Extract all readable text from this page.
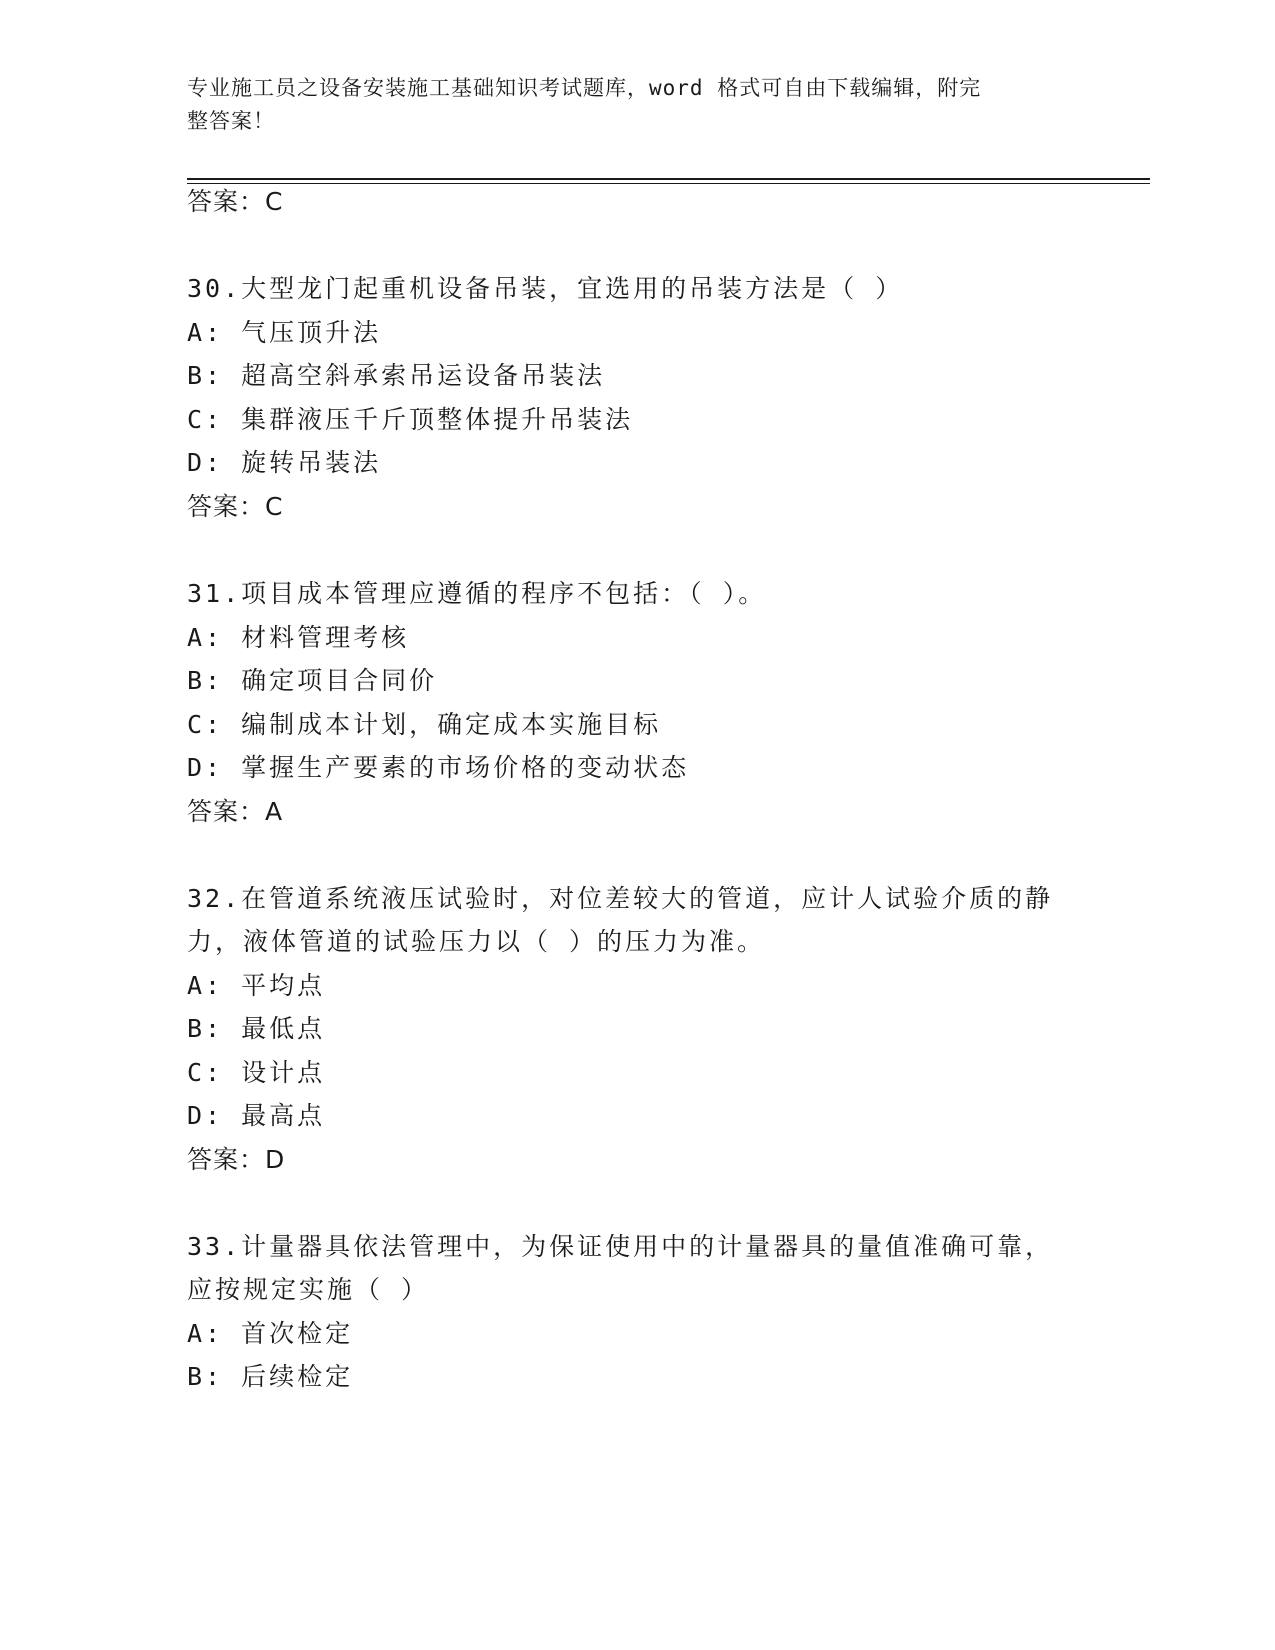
专业施工员之设备安装施工基础知识考试题库，word 格式可自由下载编辑，附完
整答案！
答案：C
30.大型龙门起重机设备吊装，宜选用的吊装方法是（ ）
A: 气压顶升法
B: 超高空斜承索吊运设备吊装法
C: 集群液压千斤顶整体提升吊装法
D: 旋转吊装法
答案：C
31.项目成本管理应遵循的程序不包括：（ ）。
A: 材料管理考核
B: 确定项目合同价
C: 编制成本计划，确定成本实施目标
D: 掌握生产要素的市场价格的变动状态
答案：A
32.在管道系统液压试验时，对位差较大的管道，应计人试验介质的静
力，液体管道的试验压力以（ ）的压力为准。
A: 平均点
B: 最低点
C: 设计点
D: 最高点
答案：D
33.计量器具依法管理中，为保证使用中的计量器具的量值准确可靠，
应按规定实施（ ）
A: 首次检定
B: 后续检定
